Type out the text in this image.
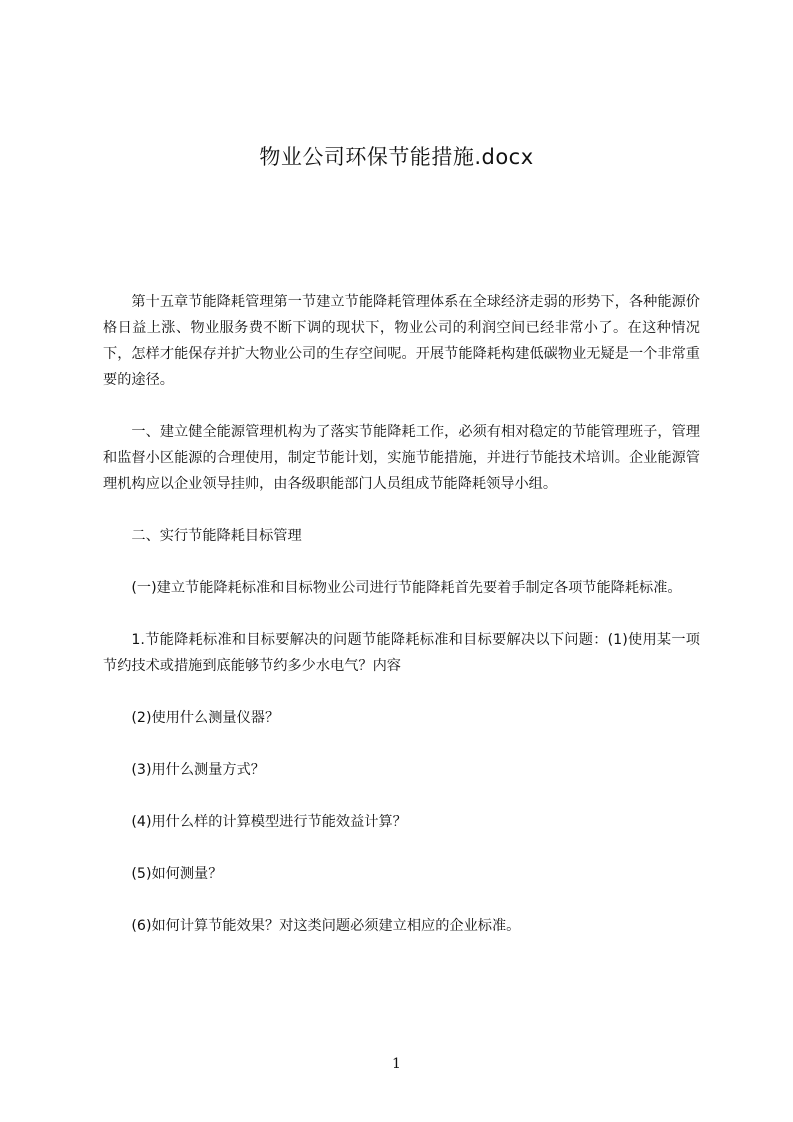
物业公司环保节能措施.docx

第十五章节能降耗管理第一节建立节能降耗管理体系在全球经济走弱的形势下，各种能源价格日益上涨、物业服务费不断下调的现状下，物业公司的利润空间已经非常小了。在这种情况下，怎样才能保存并扩大物业公司的生存空间呢。开展节能降耗构建低碳物业无疑是一个非常重要的途径。

一、建立健全能源管理机构为了落实节能降耗工作，必须有相对稳定的节能管理班子，管理和监督小区能源的合理使用，制定节能计划，实施节能措施，并进行节能技术培训。企业能源管理机构应以企业领导挂帅，由各级职能部门人员组成节能降耗领导小组。

二、实行节能降耗目标管理

(一)建立节能降耗标准和目标物业公司进行节能降耗首先要着手制定各项节能降耗标准。

1.节能降耗标准和目标要解决的问题节能降耗标准和目标要解决以下问题：(1)使用某一项节约技术或措施到底能够节约多少水电气？内容

(2)使用什么测量仪器？

(3)用什么测量方式？

(4)用什么样的计算模型进行节能效益计算？

(5)如何测量？

(6)如何计算节能效果？对这类问题必须建立相应的企业标准。

1
